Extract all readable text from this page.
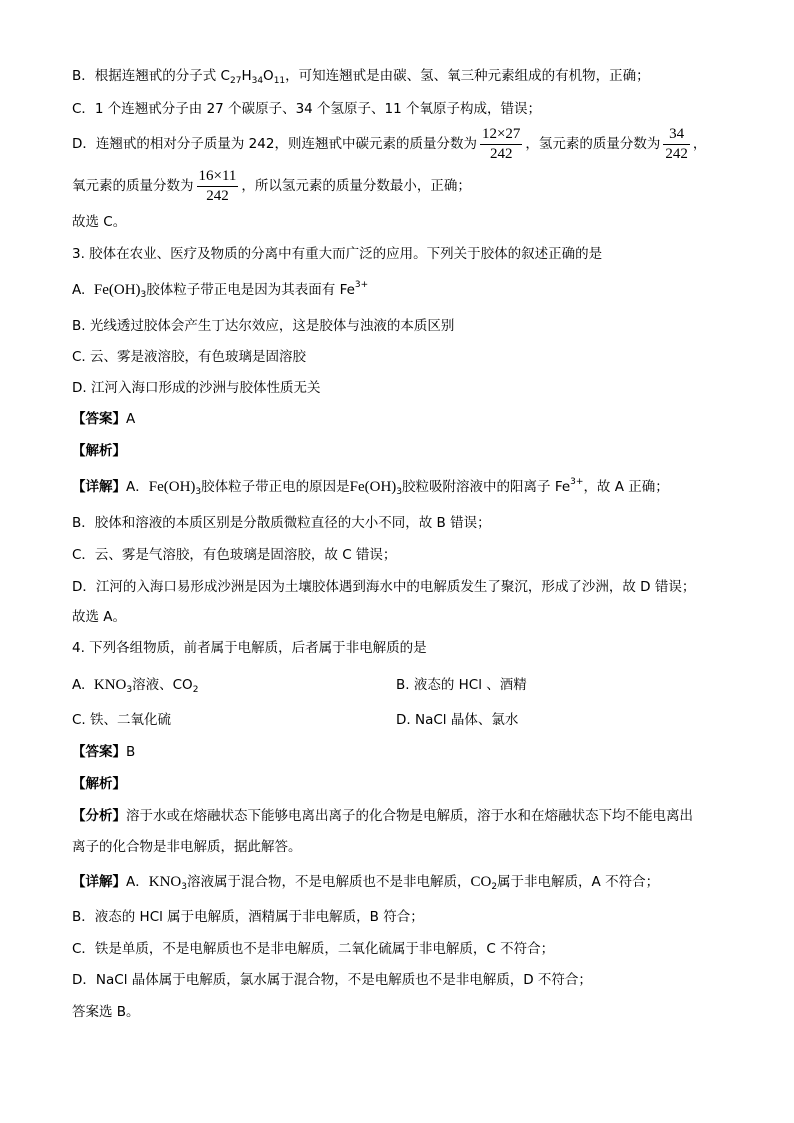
B．根据连翘甙的分子式 $C_{27}H_{34}O_{11}$，可知连翘甙是由碳、氢、氧三种元素组成的有机物，正确；
C．1 个连翘甙分子由 27 个碳原子、34 个氢原子、11 个氧原子构成，错误；
D．连翘甙的相对分子质量为 242，则连翘甙中碳元素的质量分数为 $\frac{12\times 27}{242}$ ，氢元素的质量分数为 $\frac{34}{242}$ ，
氧元素的质量分数为 $\frac{16\times 11}{242}$ ，所以氢元素的质量分数最小，正确；
故选 C。
3. 胶体在农业、医疗及物质的分离中有重大而广泛的应用。下列关于胶体的叙述正确的是
A. $Fe(OH)_3$胶体粒子带正电是因为其表面有 $Fe^{3+}$
B. 光线透过胶体会产生丁达尔效应，这是胶体与浊液的本质区别
C. 云、雾是液溶胶，有色玻璃是固溶胶
D. 江河入海口形成的沙洲与胶体性质无关
【答案】A
【解析】
【详解】A．$Fe(OH)_3$胶体粒子带正电的原因是$Fe(OH)_3$胶粒吸附溶液中的阳离子 $Fe^{3+}$，故 A 正确；
B．胶体和溶液的本质区别是分散质微粒直径的大小不同，故 B 错误；
C．云、雾是气溶胶，有色玻璃是固溶胶，故 C 错误；
D．江河的入海口易形成沙洲是因为土壤胶体遇到海水中的电解质发生了聚沉，形成了沙洲，故 D 错误；
故选 A。
4. 下列各组物质，前者属于电解质，后者属于非电解质的是
A. $KNO_3$溶液、$CO_2$	B. 液态的 HCl 、酒精
C. 铁、二氧化硫	D. NaCl 晶体、氯水
【答案】B
【解析】
【分析】溶于水或在熔融状态下能够电离出离子的化合物是电解质，溶于水和在熔融状态下均不能电离出
离子的化合物是非电解质，据此解答。
【详解】A．$KNO_3$溶液属于混合物，不是电解质也不是非电解质，$CO_2$属于非电解质，A 不符合；
B．液态的 HCl 属于电解质，酒精属于非电解质，B 符合；
C．铁是单质，不是电解质也不是非电解质，二氧化硫属于非电解质，C 不符合；
D．NaCl 晶体属于电解质，氯水属于混合物，不是电解质也不是非电解质，D 不符合；
答案选 B。
